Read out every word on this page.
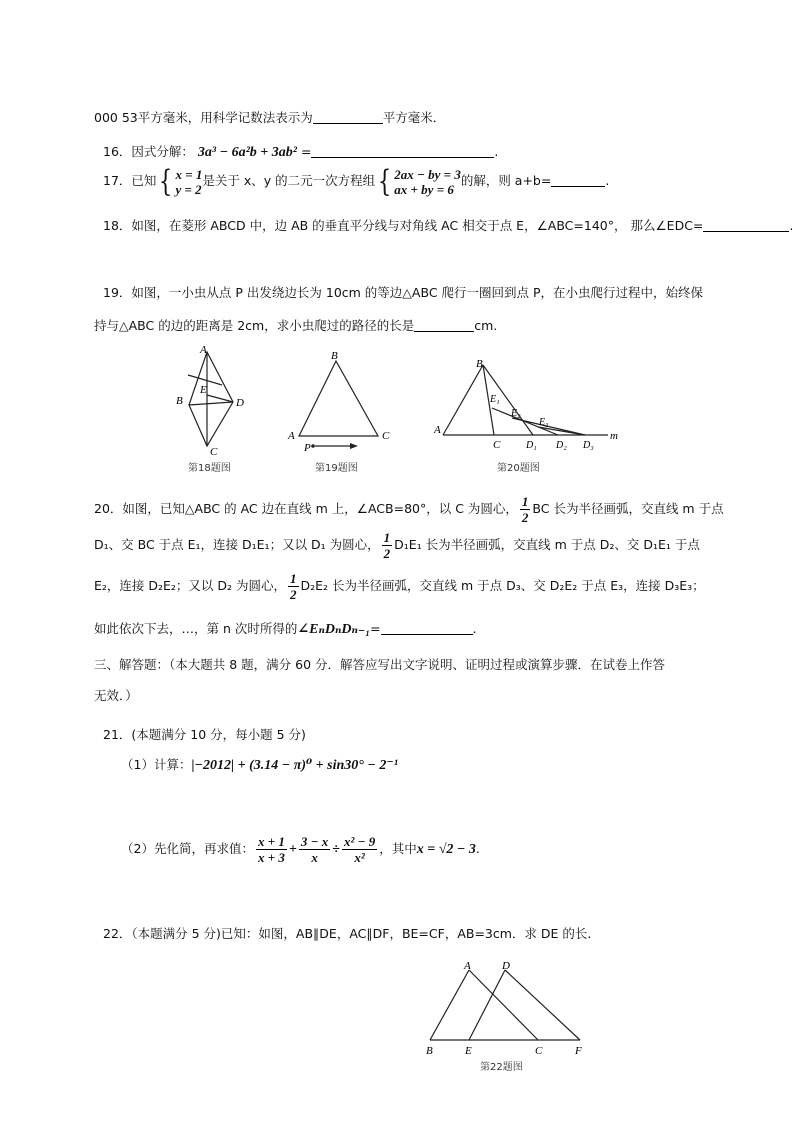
000 53平方毫米，用科学记数法表示为	平方毫米．
16．因式分解： 3a³ − 6a²b + 3ab² =	.
17．已知 { x = 1
y = 2
是关于 x、y 的二元一次方程组 { 2ax − by = 3
ax + by = 6
的解，则 a+b=	.
18．如图，在菱形 ABCD 中，边 AB 的垂直平分线与对角线 AC 相交于点 E，∠ABC=140°， 那么∠EDC=	.
19．如图，一小虫从点 P 出发绕边长为 10cm 的等边△ABC 爬行一圈回到点 P，在小虫爬行过程中，始终保
持与△ABC 的边的距离是 2cm，求小虫爬过的路径的长是	cm.
A
B
C
D
E
第18题图
B
A	C
P
第19题图
B
A
C	D₁ D₂ D₃
E₁
E₂
E₃
m
第20题图
20．如图，已知△ABC 的 AC 边在直线 m 上，∠ACB=80°，以 C 为圆心， $\frac{1}{2}$ BC 长为半径画弧，交直线 m 于点
D₁、交 BC 于点 E₁，连接 D₁E₁；又以 D₁ 为圆心， $\frac{1}{2} D_1E_1$ 长为半径画弧，交直线 m 于点 D₂、交 D₁E₁ 于点
E₂，连接 D₂E₂；又以 D₂ 为圆心， $\frac{1}{2} D_2E_2$ 长为半径画弧，交直线 m 于点 D₃、交 D₂E₂ 于点 E₃，连接 D₃E₃；
如此依次下去，…，第 n 次时所得的∠EₙDₙDₙ₋₁=	.
三、解答题：（本大题共 8 题，满分 60 分．解答应写出文字说明、证明过程或演算步骤．在试卷上作答
无效．）
21．(本题满分 10 分，每小题 5 分)
（1）计算：|−2012| + (3.14 − π)⁰ + sin30° − 2⁻¹
（2）先化简，再求值： $\frac{x + 1}{x + 3} + \frac{3 - x}{x} \div \frac{\text{x² − 9}}{\text{x²}}$ ，其中x = √2 − 3.
22．（本题满分 5 分)已知：如图，AB∥DE，AC∥DF，BE=CF，AB=3cm．求 DE 的长.
A	D
B	E	C	F
第22题图
